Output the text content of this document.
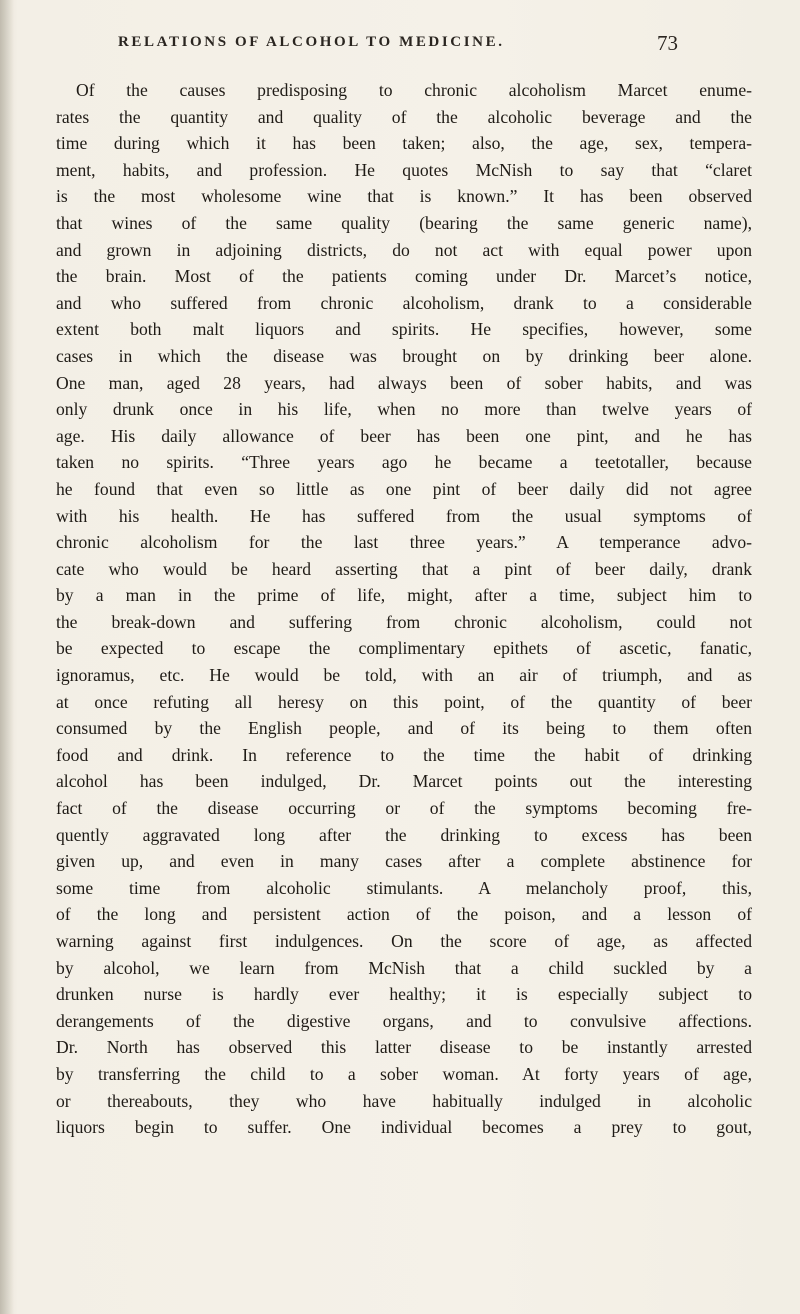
RELATIONS OF ALCOHOL TO MEDICINE.	73
Of the causes predisposing to chronic alcoholism Marcet enume-
rates the quantity and quality of the alcoholic beverage and the
time during which it has been taken; also, the age, sex, tempera-
ment, habits, and profession. He quotes McNish to say that “claret
is the most wholesome wine that is known.” It has been observed
that wines of the same quality (bearing the same generic name),
and grown in adjoining districts, do not act with equal power upon
the brain. Most of the patients coming under Dr. Marcet’s notice,
and who suffered from chronic alcoholism, drank to a considerable
extent both malt liquors and spirits. He specifies, however, some
cases in which the disease was brought on by drinking beer alone.
One man, aged 28 years, had always been of sober habits, and was
only drunk once in his life, when no more than twelve years of
age. His daily allowance of beer has been one pint, and he has
taken no spirits. “Three years ago he became a teetotaller, because
he found that even so little as one pint of beer daily did not agree
with his health. He has suffered from the usual symptoms of
chronic alcoholism for the last three years.” A temperance advo-
cate who would be heard asserting that a pint of beer daily, drank
by a man in the prime of life, might, after a time, subject him to
the break-down and suffering from chronic alcoholism, could not
be expected to escape the complimentary epithets of ascetic, fanatic,
ignoramus, etc. He would be told, with an air of triumph, and as
at once refuting all heresy on this point, of the quantity of beer
consumed by the English people, and of its being to them often
food and drink. In reference to the time the habit of drinking
alcohol has been indulged, Dr. Marcet points out the interesting
fact of the disease occurring or of the symptoms becoming fre-
quently aggravated long after the drinking to excess has been
given up, and even in many cases after a complete abstinence for
some time from alcoholic stimulants. A melancholy proof, this,
of the long and persistent action of the poison, and a lesson of
warning against first indulgences. On the score of age, as affected
by alcohol, we learn from McNish that a child suckled by a
drunken nurse is hardly ever healthy; it is especially subject to
derangements of the digestive organs, and to convulsive affections.
Dr. North has observed this latter disease to be instantly arrested
by transferring the child to a sober woman. At forty years of age,
or thereabouts, they who have habitually indulged in alcoholic
liquors begin to suffer. One individual becomes a prey to gout,
